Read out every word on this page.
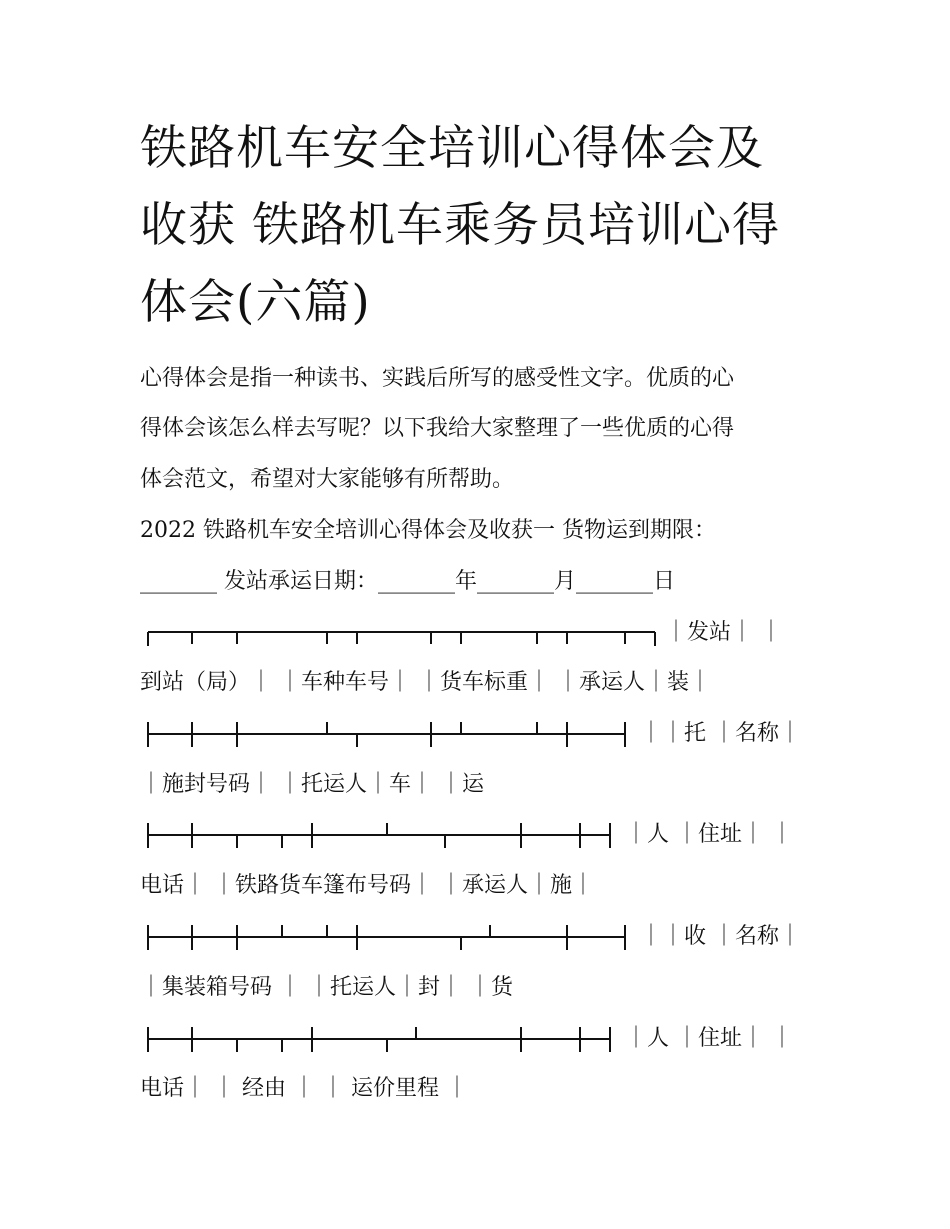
铁路机车安全培训心得体会及
收获 铁路机车乘务员培训心得
体会(六篇)
心得体会是指一种读书、实践后所写的感受性文字。优质的心
得体会该怎么样去写呢？以下我给大家整理了一些优质的心得
体会范文，希望对大家能够有所帮助。
2022 铁路机车安全培训心得体会及收获一 货物运到期限：
_______ 发站承运日期：_______年_______月_______日
｜发站｜ ｜
到站（局）｜ ｜车种车号｜ ｜货车标重｜ ｜承运人｜装｜
｜｜托 ｜名称｜
｜施封号码｜ ｜托运人｜车｜ ｜运
｜人 ｜住址｜ ｜
电话｜ ｜铁路货车篷布号码｜ ｜承运人｜施｜
｜｜收 ｜名称｜
｜集装箱号码 ｜ ｜托运人｜封｜ ｜货
｜人 ｜住址｜ ｜
电话｜ ｜ 经由 ｜ ｜ 运价里程 ｜
